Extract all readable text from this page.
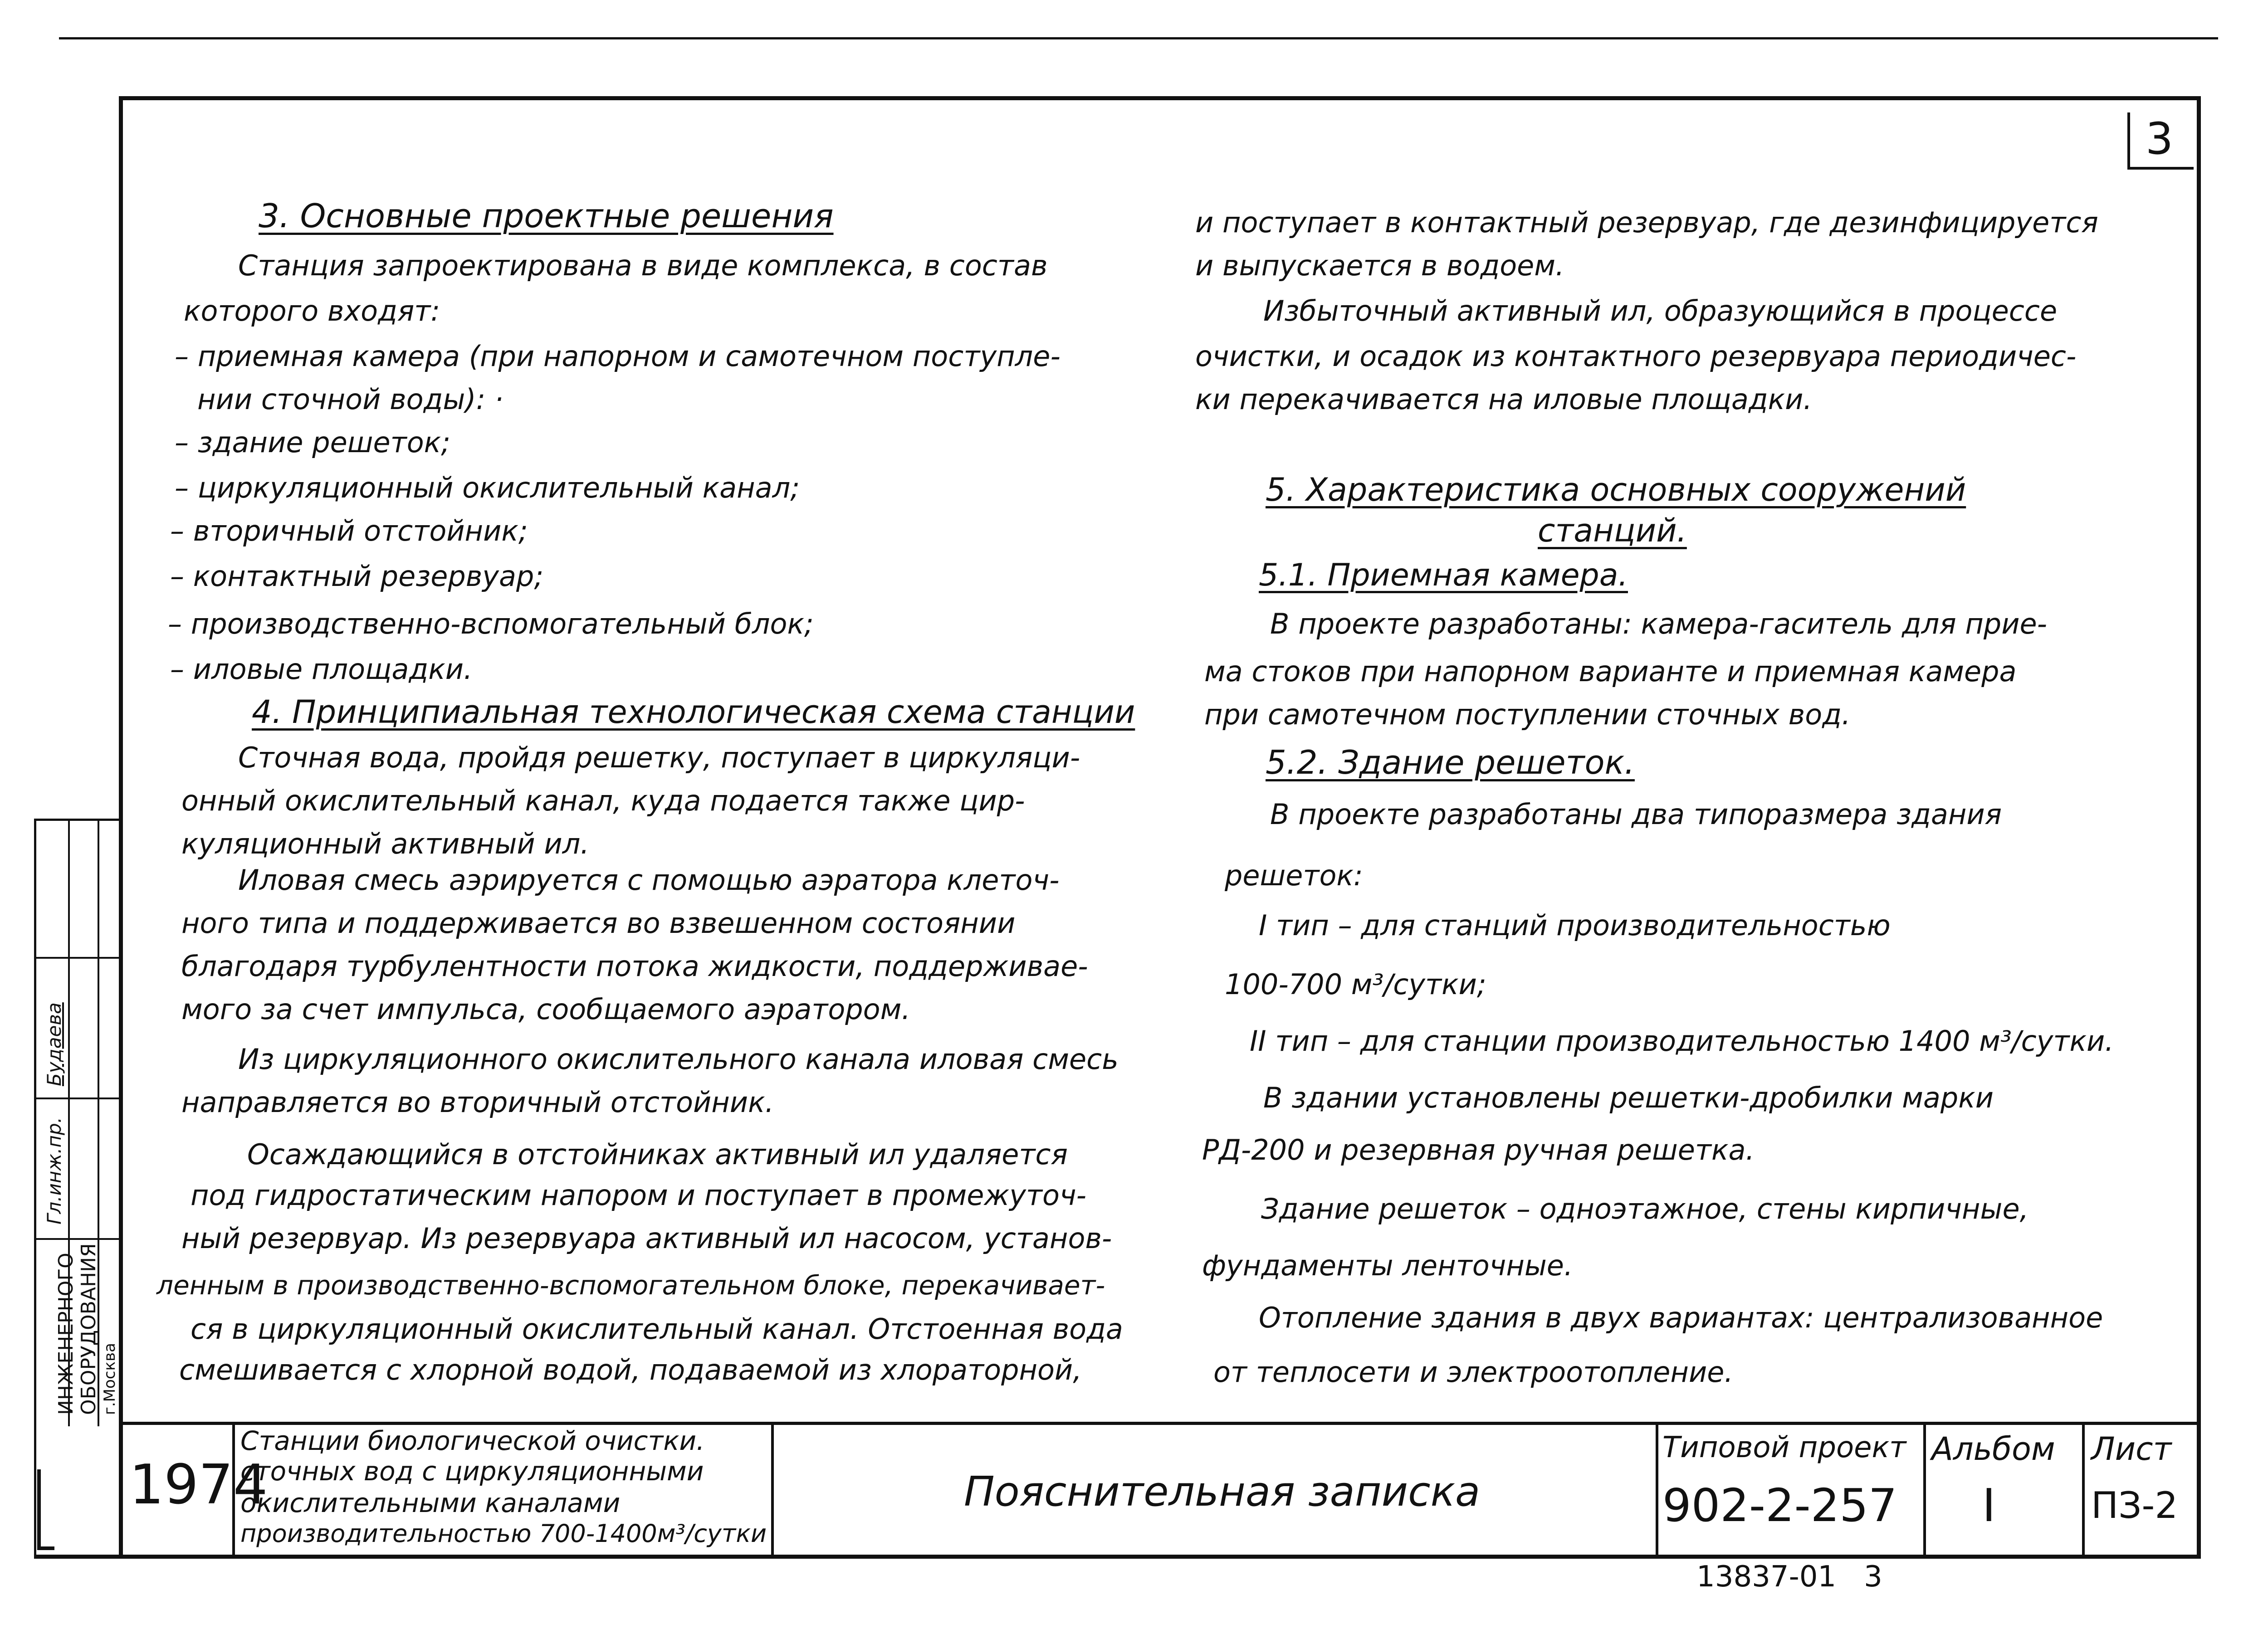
3
3. Основные проектные решения
Станция запроектирована в виде комплекса, в состав
которого входят:
– приемная камера (при напорном и самотечном поступле-
нии сточной воды): ·
– здание решеток;
– циркуляционный окислительный канал;
– вторичный отстойник;
– контактный резервуар;
– производственно-вспомогательный блок;
– иловые площадки.
4. Принципиальная технологическая схема станции
Сточная вода, пройдя решетку, поступает в циркуляци-
онный окислительный канал, куда подается также цир-
куляционный активный ил.
Иловая смесь аэрируется с помощью аэратора клеточ-
ного типа и поддерживается во взвешенном состоянии
благодаря турбулентности потока жидкости, поддерживае-
мого за счет импульса, сообщаемого аэратором.
Из циркуляционного окислительного канала иловая смесь
направляется во вторичный отстойник.
Осаждающийся в отстойниках активный ил удаляется
под гидростатическим напором и поступает в промежуточ-
ный резервуар. Из резервуара активный ил насосом, установ-
ленным в производственно-вспомогательном блоке, перекачивает-
ся в циркуляционный окислительный канал. Отстоенная вода
смешивается с хлорной водой, подаваемой из хлораторной,
и поступает в контактный резервуар, где дезинфицируется
и выпускается в водоем.
Избыточный активный ил, образующийся в процессе
очистки, и осадок из контактного резервуара периодичес-
ки перекачивается на иловые площадки.
5. Характеристика основных сооружений
станций.
5.1. Приемная камера.
В проекте разработаны: камера-гаситель для прие-
ма стоков при напорном варианте и приемная камера
при самотечном поступлении сточных вод.
5.2. Здание решеток.
В проекте разработаны два типоразмера здания
решеток:
I тип – для станций производительностью
100-700 м³/сутки;
II тип – для станции производительностью 1400 м³/сутки.
В здании установлены решетки-дробилки марки
РД-200 и резервная ручная решетка.
Здание решеток – одноэтажное, стены кирпичные,
фундаменты ленточные.
Отопление здания в двух вариантах: централизованное
от теплосети и электроотопление.
Гл.инж.пр.
Будаева
ИНЖЕНЕРНОГО ОБОРУДОВАНИЯ г.Москва
1974
Станции биологической очистки.
сточных вод с циркуляционными
окислительными каналами
производительностью 700-1400м³/сутки
Пояснительная записка
Типовой проект
902-2-257
Альбом
I
Лист
ПЗ-2
13837-01   3
